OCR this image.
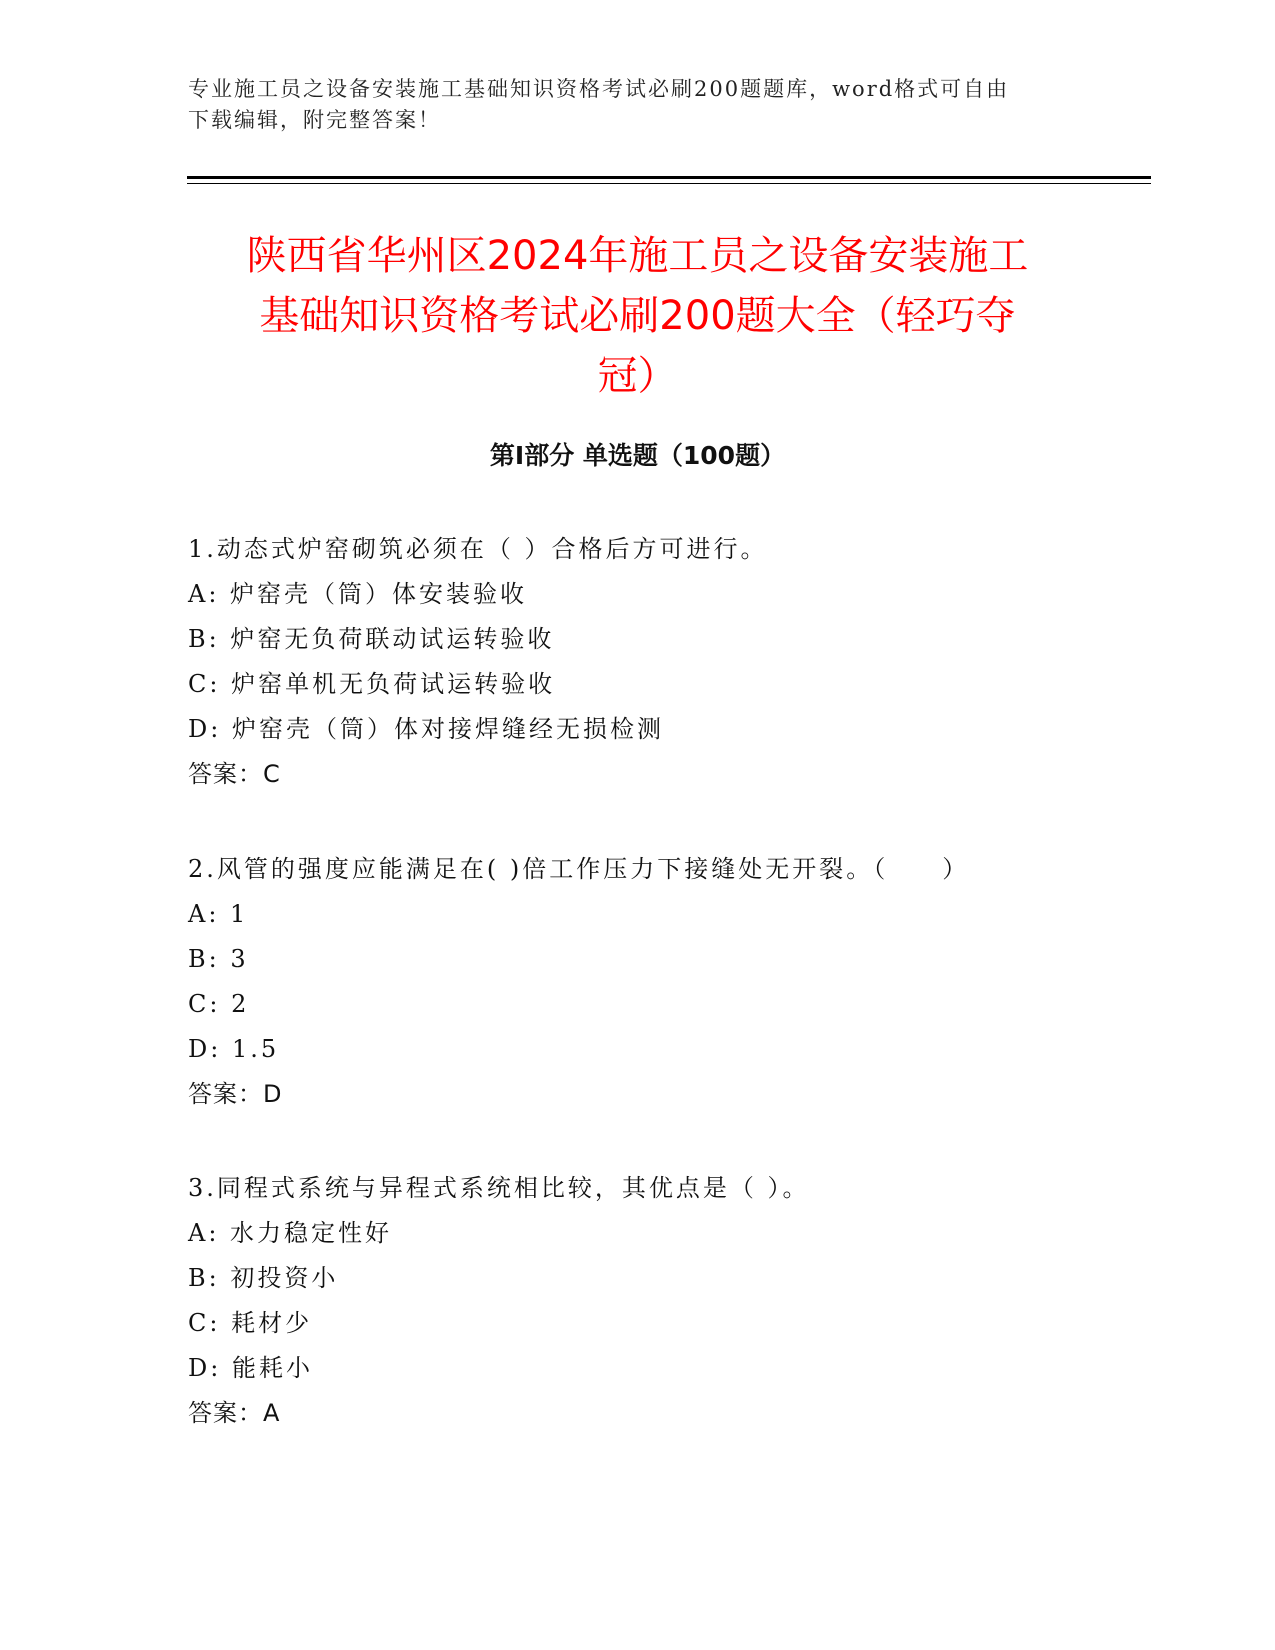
专业施工员之设备安装施工基础知识资格考试必刷200题题库，word格式可自由
下载编辑，附完整答案！
陕西省华州区2024年施工员之设备安装施工
基础知识资格考试必刷200题大全（轻巧夺
冠）
第I部分 单选题（100题）
1.动态式炉窑砌筑必须在（ ）合格后方可进行。
A: 炉窑壳（筒）体安装验收
B: 炉窑无负荷联动试运转验收
C: 炉窑单机无负荷试运转验收
D: 炉窑壳（筒）体对接焊缝经无损检测
答案：C
2.风管的强度应能满足在( )倍工作压力下接缝处无开裂。（　　）
A: 1
B: 3
C: 2
D: 1.5
答案：D
3.同程式系统与异程式系统相比较，其优点是（ ）。
A: 水力稳定性好
B: 初投资小
C: 耗材少
D: 能耗小
答案：A
